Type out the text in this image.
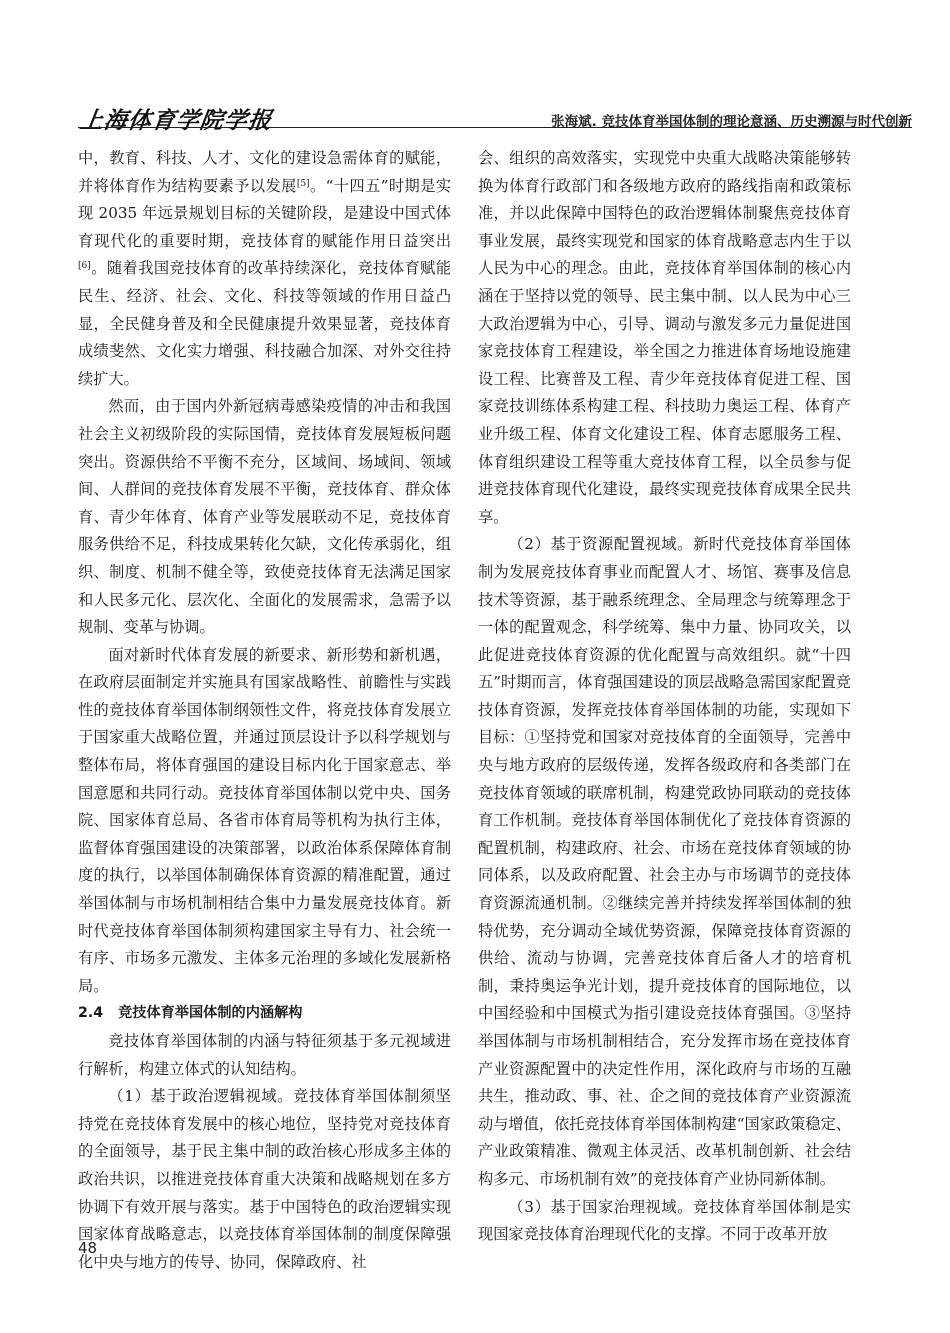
上海体育学院学报	张海斌. 竞技体育举国体制的理论意涵、历史溯源与时代创新

中，教育、科技、人才、文化的建设急需体育的赋能，并将体育作为结构要素予以发展[5]。“十四五”时期是实现 2035 年远景规划目标的关键阶段，是建设中国式体育现代化的重要时期，竞技体育的赋能作用日益突出[6]。随着我国竞技体育的改革持续深化，竞技体育赋能民生、经济、社会、文化、科技等领域的作用日益凸显，全民健身普及和全民健康提升效果显著，竞技体育成绩斐然、文化实力增强、科技融合加深、对外交往持续扩大。

然而，由于国内外新冠病毒感染疫情的冲击和我国社会主义初级阶段的实际国情，竞技体育发展短板问题突出。资源供给不平衡不充分，区域间、场域间、领域间、人群间的竞技体育发展不平衡，竞技体育、群众体育、青少年体育、体育产业等发展联动不足，竞技体育服务供给不足，科技成果转化欠缺，文化传承弱化，组织、制度、机制不健全等，致使竞技体育无法满足国家和人民多元化、层次化、全面化的发展需求，急需予以规制、变革与协调。

面对新时代体育发展的新要求、新形势和新机遇，在政府层面制定并实施具有国家战略性、前瞻性与实践性的竞技体育举国体制纲领性文件，将竞技体育发展立于国家重大战略位置，并通过顶层设计予以科学规划与整体布局，将体育强国的建设目标内化于国家意志、举国意愿和共同行动。竞技体育举国体制以党中央、国务院、国家体育总局、各省市体育局等机构为执行主体，监督体育强国建设的决策部署，以政治体系保障体育制度的执行，以举国体制确保体育资源的精准配置，通过举国体制与市场机制相结合集中力量发展竞技体育。新时代竞技体育举国体制须构建国家主导有力、社会统一有序、市场多元激发、主体多元治理的多域化发展新格局。

2.4 竞技体育举国体制的内涵解构

竞技体育举国体制的内涵与特征须基于多元视域进行解析，构建立体式的认知结构。

（1）基于政治逻辑视域。竞技体育举国体制须坚持党在竞技体育发展中的核心地位，坚持党对竞技体育的全面领导，基于民主集中制的政治核心形成多主体的政治共识，以推进竞技体育重大决策和战略规划在多方协调下有效开展与落实。基于中国特色的政治逻辑实现国家体育战略意志，以竞技体育举国体制的制度保障强化中央与地方的传导、协同，保障政府、社

会、组织的高效落实，实现党中央重大战略决策能够转换为体育行政部门和各级地方政府的路线指南和政策标准，并以此保障中国特色的政治逻辑体制聚焦竞技体育事业发展，最终实现党和国家的体育战略意志内生于以人民为中心的理念。由此，竞技体育举国体制的核心内涵在于坚持以党的领导、民主集中制、以人民为中心三大政治逻辑为中心，引导、调动与激发多元力量促进国家竞技体育工程建设，举全国之力推进体育场地设施建设工程、比赛普及工程、青少年竞技体育促进工程、国家竞技训练体系构建工程、科技助力奥运工程、体育产业升级工程、体育文化建设工程、体育志愿服务工程、体育组织建设工程等重大竞技体育工程，以全员参与促进竞技体育现代化建设，最终实现竞技体育成果全民共享。

（2）基于资源配置视域。新时代竞技体育举国体制为发展竞技体育事业而配置人才、场馆、赛事及信息技术等资源，基于融系统理念、全局理念与统筹理念于一体的配置观念，科学统筹、集中力量、协同攻关，以此促进竞技体育资源的优化配置与高效组织。就“十四五”时期而言，体育强国建设的顶层战略急需国家配置竞技体育资源，发挥竞技体育举国体制的功能，实现如下目标：①坚持党和国家对竞技体育的全面领导，完善中央与地方政府的层级传递，发挥各级政府和各类部门在竞技体育领域的联席机制，构建党政协同联动的竞技体育工作机制。竞技体育举国体制优化了竞技体育资源的配置机制，构建政府、社会、市场在竞技体育领域的协同体系，以及政府配置、社会主办与市场调节的竞技体育资源流通机制。②继续完善并持续发挥举国体制的独特优势，充分调动全域优势资源，保障竞技体育资源的供给、流动与协调，完善竞技体育后备人才的培育机制，秉持奥运争光计划，提升竞技体育的国际地位，以中国经验和中国模式为指引建设竞技体育强国。③坚持举国体制与市场机制相结合，充分发挥市场在竞技体育产业资源配置中的决定性作用，深化政府与市场的互融共生，推动政、事、社、企之间的竞技体育产业资源流动与增值，依托竞技体育举国体制构建“国家政策稳定、产业政策精准、微观主体灵活、改革机制创新、社会结构多元、市场机制有效”的竞技体育产业协同新体制。

（3）基于国家治理视域。竞技体育举国体制是实现国家竞技体育治理现代化的支撑。不同于改革开放

48
